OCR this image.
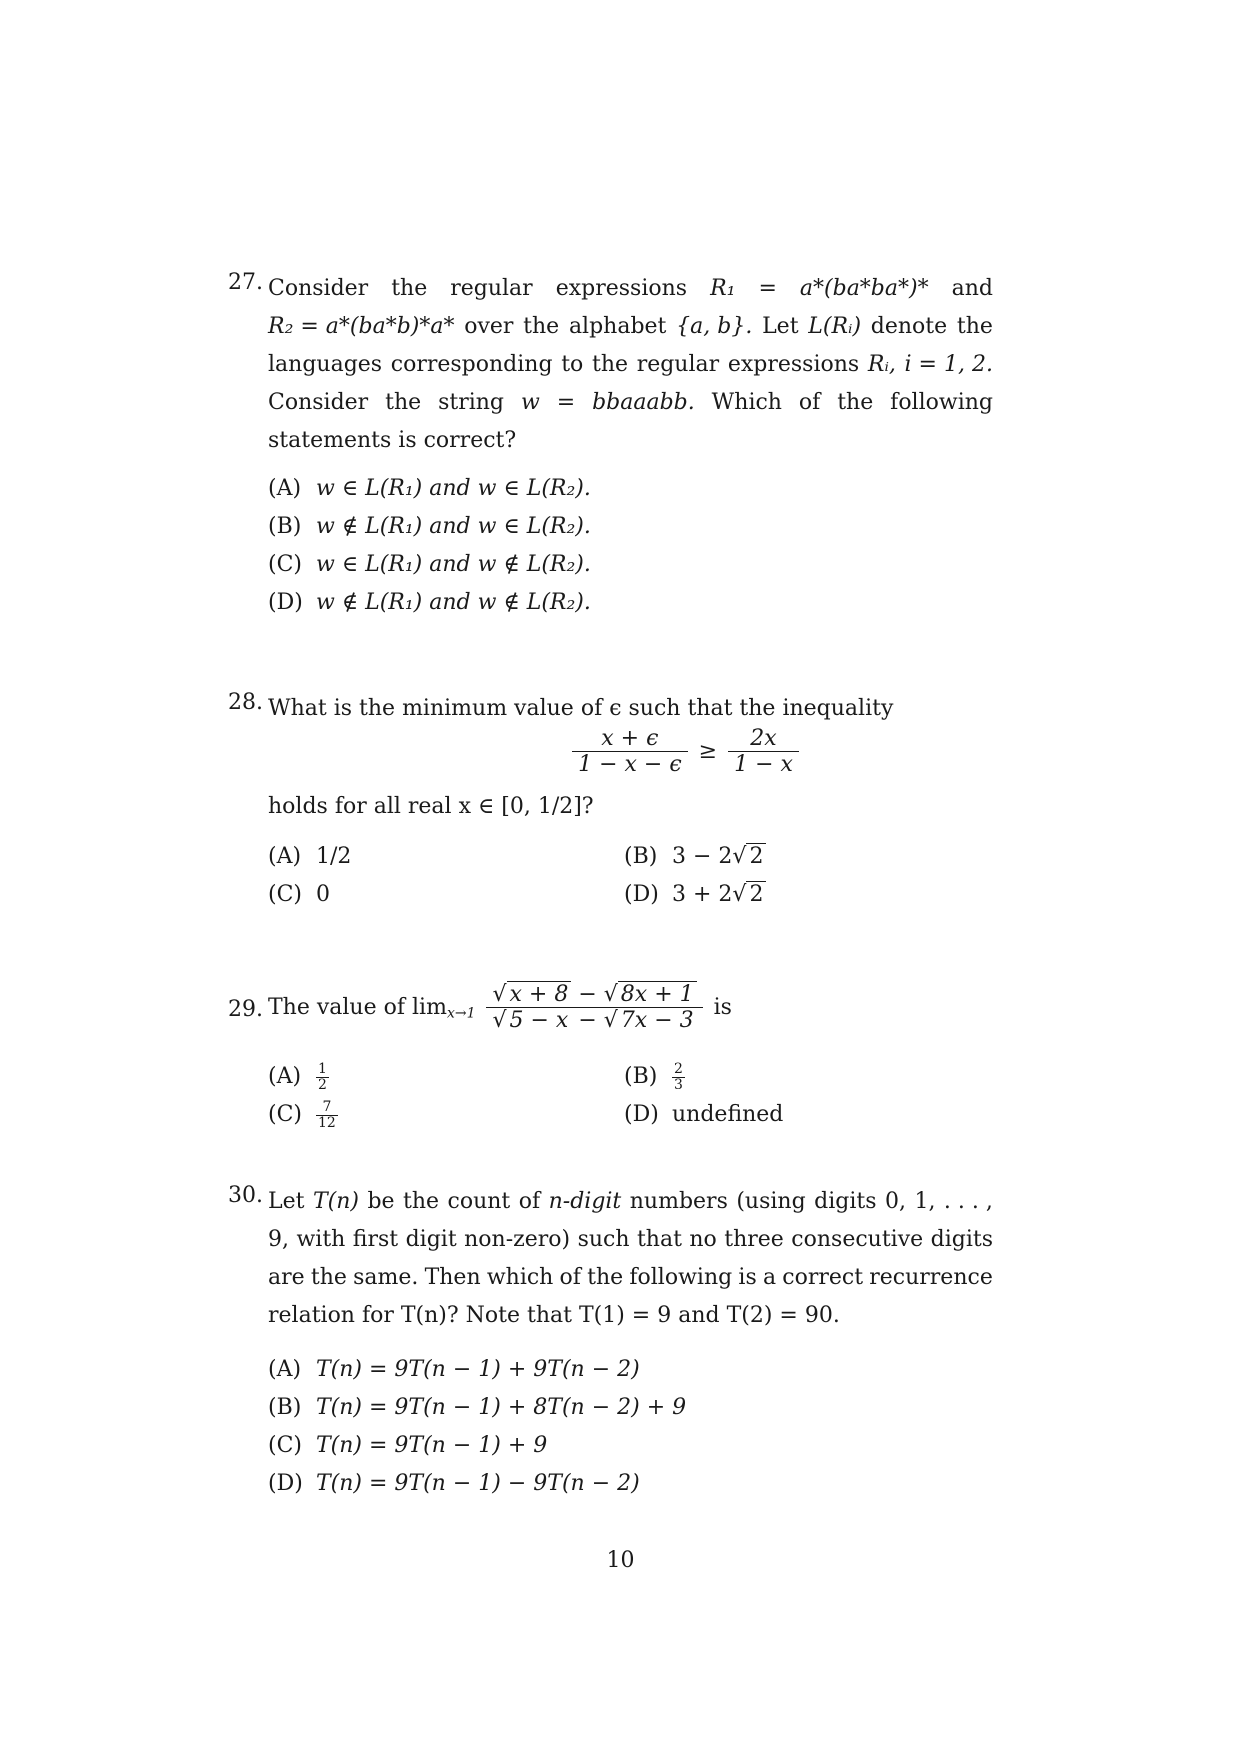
27. Consider the regular expressions R₁ = a*(ba*ba*)* and
R₂ = a*(ba*b)*a* over the alphabet {a, b}. Let L(Rᵢ) denote the
languages corresponding to the regular expressions Rᵢ, i = 1, 2.
Consider the string w = bbaaabb. Which of the following
statements is correct?
(A) w ∈ L(R₁) and w ∈ L(R₂).
(B) w ∉ L(R₁) and w ∈ L(R₂).
(C) w ∈ L(R₁) and w ∉ L(R₂).
(D) w ∉ L(R₁) and w ∉ L(R₂).
28. What is the minimum value of ϵ such that the inequality
$\frac{x + \epsilon}{1 - x - \epsilon} \ge \frac{2x}{1 - x}$
holds for all real x ∈ [0, 1/2]?
(A) 1/2	(B) 3 − 2√ 2
(C) 0	(D) 3 + 2√ 2
29. The value of $\lim_{x\to 1} \frac{√ x + 8 - √ 8x + 1}{√ 5 - x - √ 7x - 3}$ is
$(A) \frac{1}{2}$	$(B) \frac{2}{3}$
$(C) \frac{7}{12}$	(D) undefined
30. Let T(n) be the count of n-digit numbers (using digits 0, 1, . . . ,
9, with first digit non-zero) such that no three consecutive digits
are the same. Then which of the following is a correct recurrence
relation for T(n)? Note that T(1) = 9 and T(2) = 90.
(A) T(n) = 9T(n − 1) + 9T(n − 2)
(B) T(n) = 9T(n − 1) + 8T(n − 2) + 9
(C) T(n) = 9T(n − 1) + 9
(D) T(n) = 9T(n − 1) − 9T(n − 2)
10
